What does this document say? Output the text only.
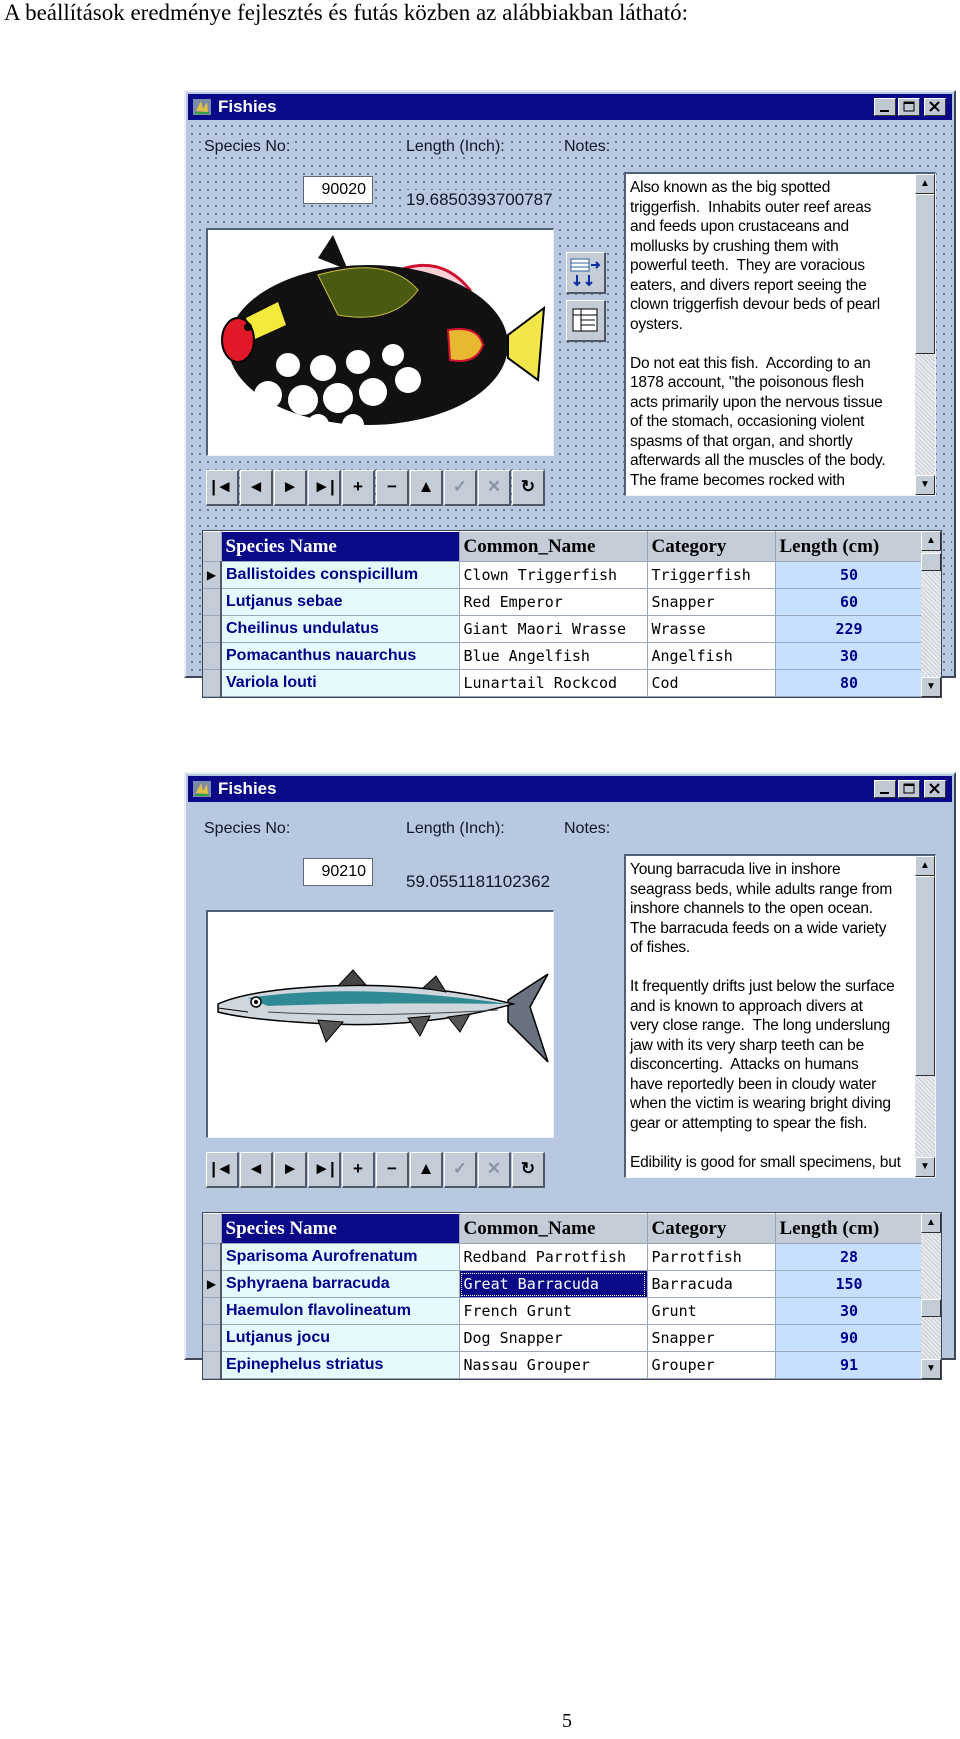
A beállítások eredménye fejlesztés és futás közben az alábbiakban látható:
Fishies
Species No:
90020
Length (Inch):
19.6850393700787
Notes:
|◄ ◄	► ►|	+	−	▲	✓	✕	↻
Also known as the big spotted
triggerfish.  Inhabits outer reef areas
and feeds upon crustaceans and
mollusks by crushing them with
powerful teeth.  They are voracious
eaters, and divers report seeing the
clown triggerfish devour beds of pearl
oysters.

Do not eat this fish.  According to an
1878 account, "the poisonous flesh
acts primarily upon the nervous tissue
of the stomach, occasioning violent
spasms of that organ, and shortly
afterwards all the muscles of the body.
The frame becomes rocked with
▲
▼
	Species Name	Common_Name	Category	Length (cm)
▶	Ballistoides conspicillum	Clown Triggerfish	Triggerfish	50
	Lutjanus sebae	Red Emperor	Snapper	60
	Cheilinus undulatus	Giant Maori Wrasse	Wrasse	229
	Pomacanthus nauarchus	Blue Angelfish	Angelfish	30
	Variola louti	Lunartail Rockcod	Cod	80
▲
▼
Fishies
Species No:
90210
Length (Inch):
59.0551181102362
Notes:
|◄ ◄	► ►|	+	−	▲	✓	✕	↻
Young barracuda live in inshore
seagrass beds, while adults range from
inshore channels to the open ocean.
The barracuda feeds on a wide variety
of fishes.

It frequently drifts just below the surface
and is known to approach divers at
very close range.  The long underslung
jaw with its very sharp teeth can be
disconcerting.  Attacks on humans
have reportedly been in cloudy water
when the victim is wearing bright diving
gear or attempting to spear the fish.

Edibility is good for small specimens, but
▲
▼
	Species Name	Common_Name	Category	Length (cm)
	Sparisoma Aurofrenatum	Redband Parrotfish	Parrotfish	28
▶	Sphyraena barracuda	Great Barracuda	Barracuda	150
	Haemulon flavolineatum	French Grunt	Grunt	30
	Lutjanus jocu	Dog Snapper	Snapper	90
	Epinephelus striatus	Nassau Grouper	Grouper	91
▲
▼
5
